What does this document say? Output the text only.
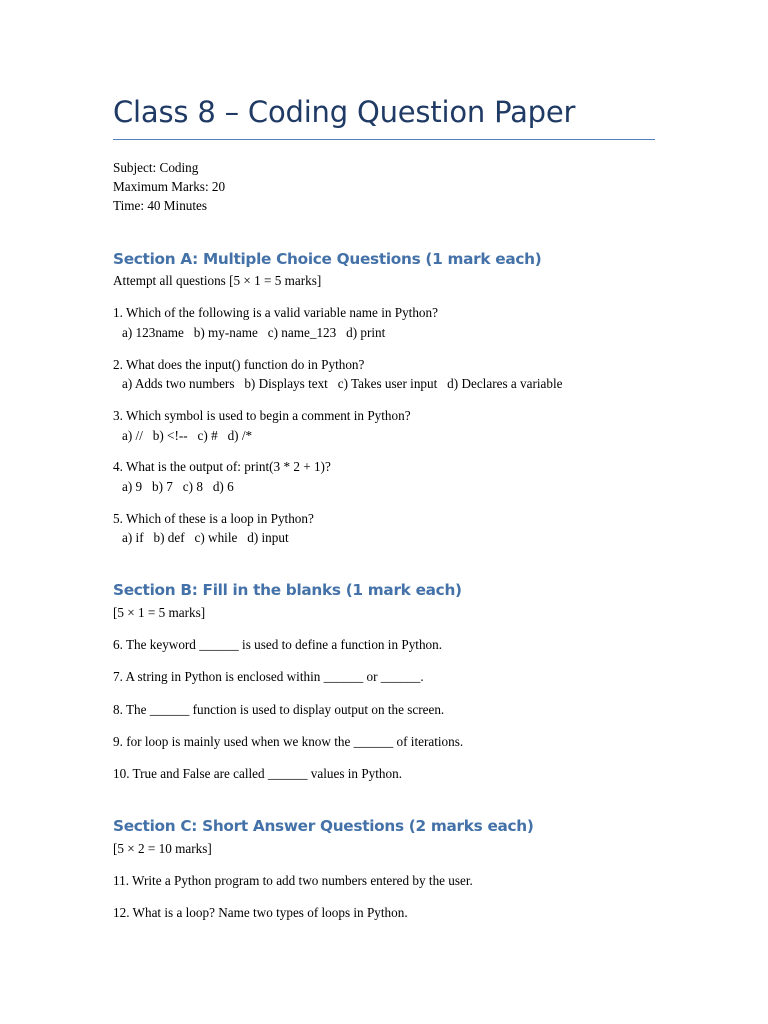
Class 8 – Coding Question Paper
Subject: Coding
Maximum Marks: 20
Time: 40 Minutes
Section A: Multiple Choice Questions (1 mark each)
Attempt all questions [5 × 1 = 5 marks]
1. Which of the following is a valid variable name in Python?
a) 123name   b) my-name   c) name_123   d) print
2. What does the input() function do in Python?
a) Adds two numbers   b) Displays text   c) Takes user input   d) Declares a variable
3. Which symbol is used to begin a comment in Python?
a) //   b) <!--   c) #   d) /*
4. What is the output of: print(3 * 2 + 1)?
a) 9   b) 7   c) 8   d) 6
5. Which of these is a loop in Python?
a) if   b) def   c) while   d) input
Section B: Fill in the blanks (1 mark each)
[5 × 1 = 5 marks]
6. The keyword ______ is used to define a function in Python.
7. A string in Python is enclosed within ______ or ______.
8. The ______ function is used to display output on the screen.
9. for loop is mainly used when we know the ______ of iterations.
10. True and False are called ______ values in Python.
Section C: Short Answer Questions (2 marks each)
[5 × 2 = 10 marks]
11. Write a Python program to add two numbers entered by the user.
12. What is a loop? Name two types of loops in Python.
